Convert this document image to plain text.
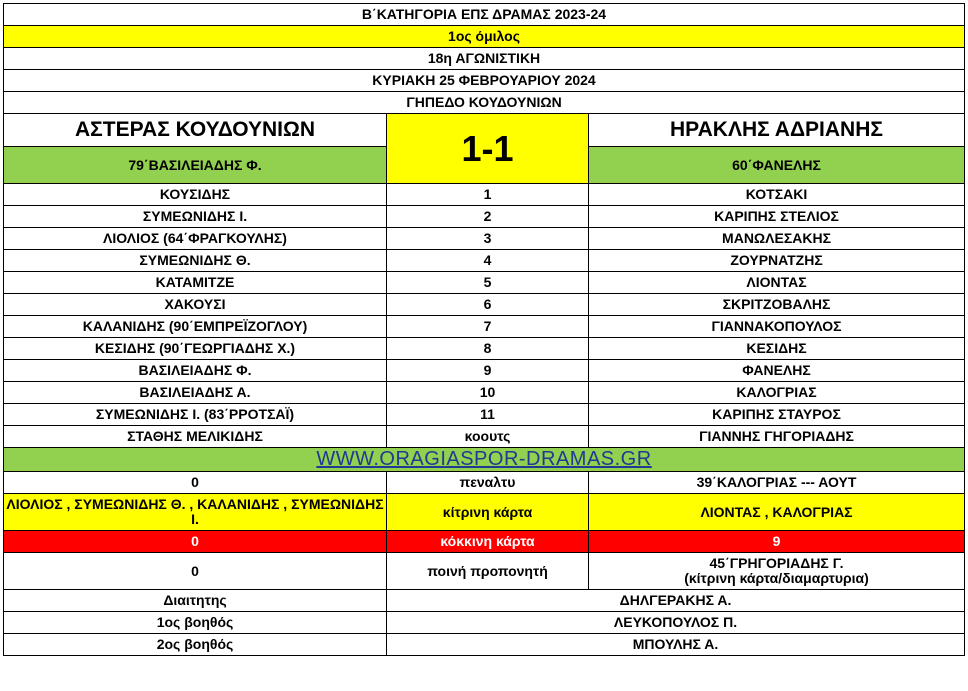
Β΄ΚΑΤΗΓΟΡΙΑ ΕΠΣ ΔΡΑΜΑΣ 2023-24		
1ος όμιλος		
18η ΑΓΩΝΙΣΤΙΚΗ		
ΚΥΡΙΑΚΗ 25 ΦΕΒΡΟΥΑΡΙΟΥ 2024		
ΓΗΠΕΔΟ ΚΟΥΔΟΥΝΙΩΝ		
ΑΣΤΕΡΑΣ ΚΟΥΔΟΥΝΙΩΝ	1-1	ΗΡΑΚΛΗΣ ΑΔΡΙΑΝΗΣ
79΄ΒΑΣΙΛΕΙΑΔΗΣ Φ.		60΄ΦΑΝΕΛΗΣ
ΚΟΥΣΙΔΗΣ	1	ΚΟΤΣΑΚΙ
ΣΥΜΕΩΝΙΔΗΣ Ι.	2	ΚΑΡΙΠΗΣ ΣΤΕΛΙΟΣ
ΛΙΟΛΙΟΣ (64΄ΦΡΑΓΚΟΥΛΗΣ)	3	ΜΑΝΩΛΕΣΑΚΗΣ
ΣΥΜΕΩΝΙΔΗΣ Θ.	4	ΖΟΥΡΝΑΤΖΗΣ
ΚΑΤΑΜΙΤΖΕ	5	ΛΙΟΝΤΑΣ
ΧΑΚΟΥΣΙ	6	ΣΚΡΙΤΖΟΒΑΛΗΣ
ΚΑΛΑΝΙΔΗΣ (90΄ΕΜΠΡΕΪΖΟΓΛΟΥ)	7	ΓΙΑΝΝΑΚΟΠΟΥΛΟΣ
ΚΕΣΙΔΗΣ (90΄ΓΕΩΡΓΙΑΔΗΣ Χ.)	8	ΚΕΣΙΔΗΣ
ΒΑΣΙΛΕΙΑΔΗΣ Φ.	9	ΦΑΝΕΛΗΣ
ΒΑΣΙΛΕΙΑΔΗΣ Α.	10	ΚΑΛΟΓΡΙΑΣ
ΣΥΜΕΩΝΙΔΗΣ Ι. (83΄ΡΡΟΤΣΑΪ)	11	ΚΑΡΙΠΗΣ ΣΤΑΥΡΟΣ
ΣΤΑΘΗΣ ΜΕΛΙΚΙΔΗΣ	κοουτς	ΓΙΑΝΝΗΣ ΓΗΓΟΡΙΑΔΗΣ
WWW.ORAGIASPOR-DRAMAS.GR		
0	πεναλτυ	39΄ΚΑΛΟΓΡΙΑΣ --- ΑΟΥΤ
ΛΙΟΛΙΟΣ , ΣΥΜΕΩΝΙΔΗΣ Θ. , ΚΑΛΑΝΙΔΗΣ , ΣΥΜΕΩΝΙΔΗΣ Ι.	κίτρινη κάρτα	ΛΙΟΝΤΑΣ , ΚΑΛΟΓΡΙΑΣ
0	κόκκινη κάρτα	9
0	ποινή προπονητή	45΄ΓΡΗΓΟΡΙΑΔΗΣ Γ.
(κίτρινη κάρτα/διαμαρτυρια)

Διαιτητης	ΔΗΛΓΕΡΑΚΗΣ Α.	
1ος βοηθός	ΛΕΥΚΟΠΟΥΛΟΣ Π.	
2ος βοηθός	ΜΠΟΥΛΗΣ Α.	
